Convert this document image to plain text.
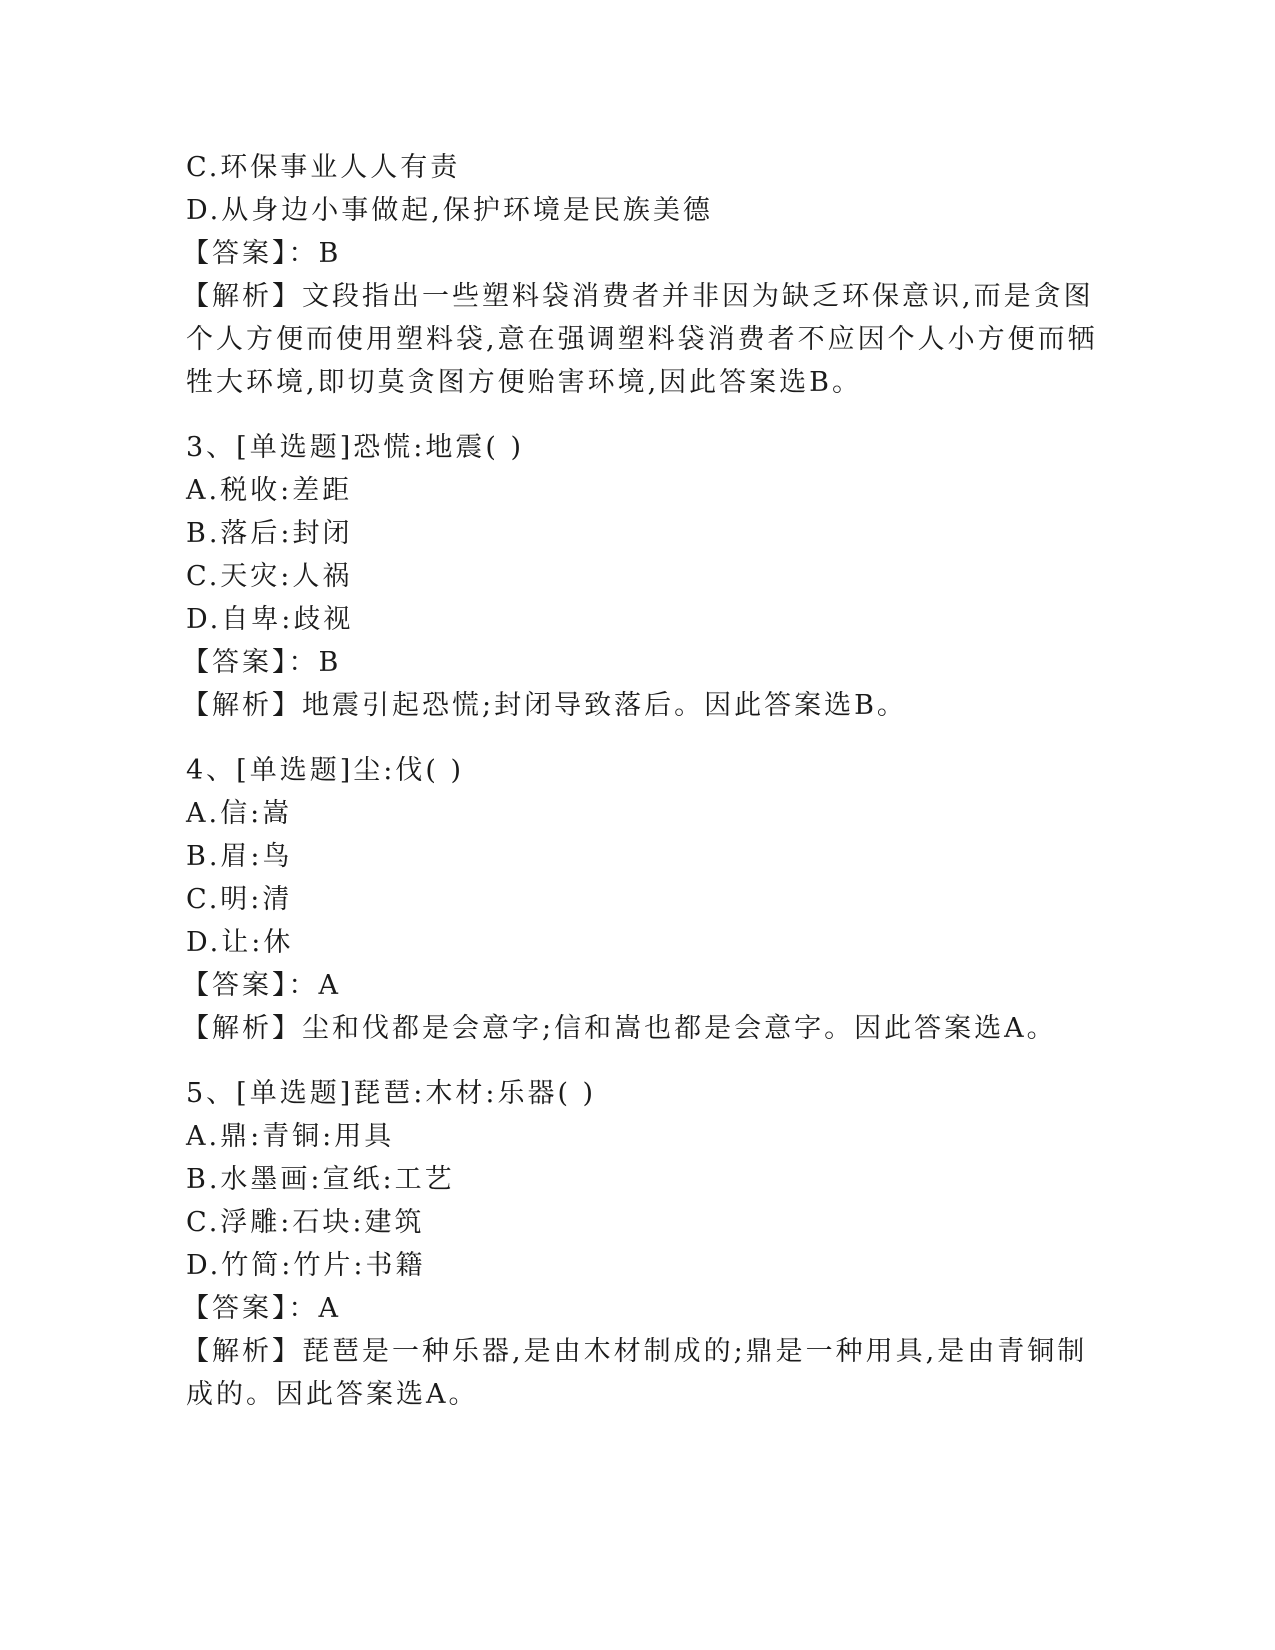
C.环保事业人人有责
D.从身边小事做起,保护环境是民族美德
【答案】：B
【解析】文段指出一些塑料袋消费者并非因为缺乏环保意识,而是贪图
个人方便而使用塑料袋,意在强调塑料袋消费者不应因个人小方便而牺
牲大环境,即切莫贪图方便贻害环境,因此答案选B。
3、[单选题]恐慌:地震( )
A.税收:差距
B.落后:封闭
C.天灾:人祸
D.自卑:歧视
【答案】：B
【解析】地震引起恐慌;封闭导致落后。因此答案选B。
4、[单选题]尘:伐( )
A.信:嵩
B.眉:鸟
C.明:清
D.让:休
【答案】：A
【解析】尘和伐都是会意字;信和嵩也都是会意字。因此答案选A。
5、[单选题]琵琶:木材:乐器( )
A.鼎:青铜:用具
B.水墨画:宣纸:工艺
C.浮雕:石块:建筑
D.竹简:竹片:书籍
【答案】：A
【解析】琵琶是一种乐器,是由木材制成的;鼎是一种用具,是由青铜制
成的。因此答案选A。
